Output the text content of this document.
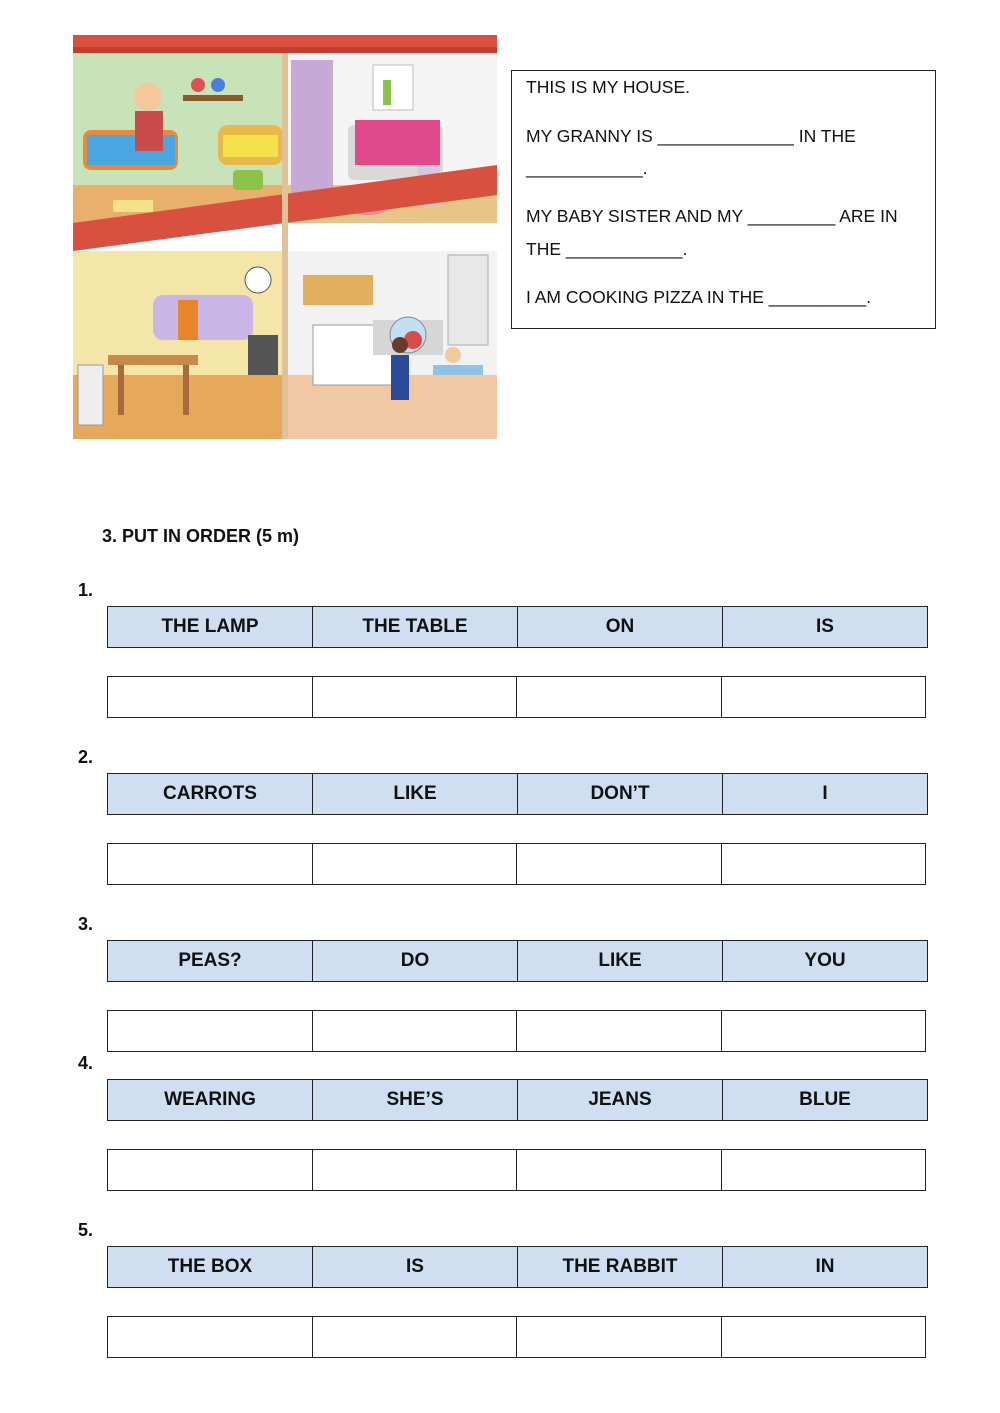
THIS IS MY HOUSE.
MY GRANNY IS ______________ IN THE
____________.
MY BABY SISTER AND MY _________ ARE IN
THE ____________.
I AM COOKING PIZZA IN THE __________.
3. PUT IN ORDER (5 m)
1.
THE LAMP	THE TABLE	ON	IS
2.
CARROTS	LIKE	DON’T	I
3.
PEAS?	DO	LIKE	YOU
4.
WEARING	SHE’S	JEANS	BLUE
5.
THE BOX	IS	THE RABBIT	IN
